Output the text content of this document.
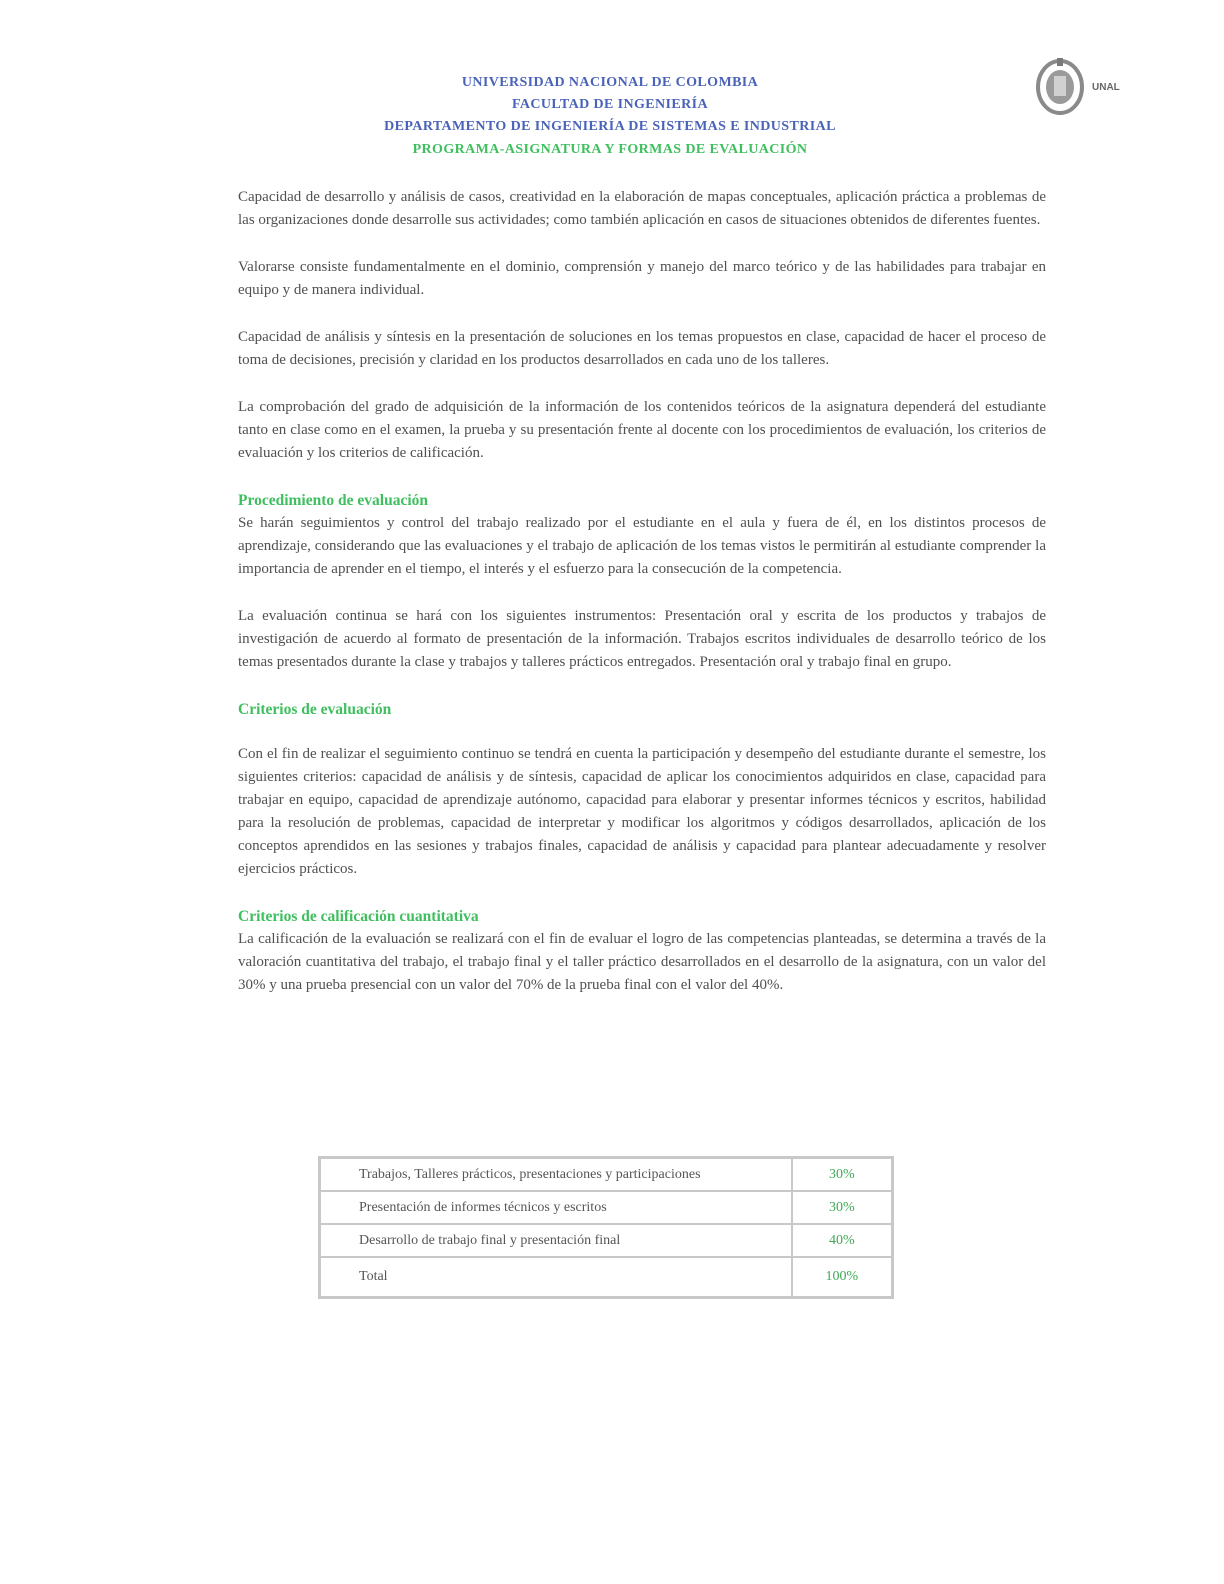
UNIVERSIDAD NACIONAL DE COLOMBIA
FACULTAD DE INGENIERÍA
DEPARTAMENTO DE INGENIERÍA DE SISTEMAS E INDUSTRIAL
PROGRAMA-ASIGNATURA Y FORMAS DE EVALUACIÓN
UNAL

Capacidad de desarrollo y análisis de casos, creatividad en la elaboración de mapas conceptuales, aplicación práctica a problemas de las organizaciones donde desarrolle sus actividades; como también aplicación en casos de situaciones obtenidos de diferentes fuentes.

Valorarse consiste fundamentalmente en el dominio, comprensión y manejo del marco teórico y de las habilidades para trabajar en equipo y de manera individual.

Capacidad de análisis y síntesis en la presentación de soluciones en los temas propuestos en clase, capacidad de hacer el proceso de toma de decisiones, precisión y claridad en los productos desarrollados en cada uno de los talleres.

La comprobación del grado de adquisición de la información de los contenidos teóricos de la asignatura dependerá del estudiante tanto en clase como en el examen, la prueba y su presentación frente al docente con los procedimientos de evaluación, los criterios de evaluación y los criterios de calificación.

Procedimiento de evaluación

Se harán seguimientos y control del trabajo realizado por el estudiante en el aula y fuera de él, en los distintos procesos de aprendizaje, considerando que las evaluaciones y el trabajo de aplicación de los temas vistos le permitirán al estudiante comprender la importancia de aprender en el tiempo, el interés y el esfuerzo para la consecución de la competencia.

La evaluación continua se hará con los siguientes instrumentos: Presentación oral y escrita de los productos y trabajos de investigación de acuerdo al formato de presentación de la información. Trabajos escritos individuales de desarrollo teórico de los temas presentados durante la clase y trabajos y talleres prácticos entregados. Presentación oral y trabajo final en grupo.

Criterios de evaluación

Con el fin de realizar el seguimiento continuo se tendrá en cuenta la participación y desempeño del estudiante durante el semestre, los siguientes criterios: capacidad de análisis y de síntesis, capacidad de aplicar los conocimientos adquiridos en clase, capacidad para trabajar en equipo, capacidad de aprendizaje autónomo, capacidad para elaborar y presentar informes técnicos y escritos, habilidad para la resolución de problemas, capacidad de interpretar y modificar los algoritmos y códigos desarrollados, aplicación de los conceptos aprendidos en las sesiones y trabajos finales, capacidad de análisis y capacidad para plantear adecuadamente y resolver ejercicios prácticos.

Criterios de calificación cuantitativa

La calificación de la evaluación se realizará con el fin de evaluar el logro de las competencias planteadas, se determina a través de la valoración cuantitativa del trabajo, el trabajo final y el taller práctico desarrollados en el desarrollo de la asignatura, con un valor del 30% y una prueba presencial con un valor del 70% de la prueba final con el valor del 40%.

Trabajos, Talleres prácticos, presentaciones y participaciones	30%
Presentación de informes técnicos y escritos	30%
Desarrollo de trabajo final y presentación final	40%
Total	100%
